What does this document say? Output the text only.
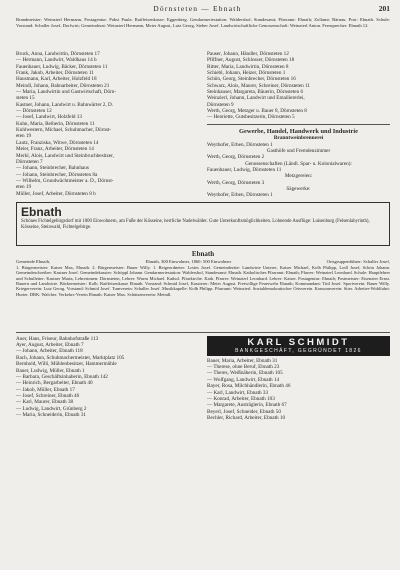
Dörnsteten — Ebnath	201
Brandmeister: Weinzierl Hermann, Postagentur: Pabst Paula. Raiffeisenkasse: Eggenberg. Gendarmeriestation: Waldershof; Standesamt; Pfarramt: Ebnath; Zollamt: Bärnau. Post: Ebnath. Schule: Vorstand: Schaller Josef, Dorfwirt; Gemeinderat: Weinzierl Hermann, Meier August, Lutz Georg, Sieber Josef. Landwirtschaftliche Genossenschaft: Weinzierl Anton. Fernsprecher: Ebnath 12.
Bruck, Anna, Landwirtin, Dörnsteten 17
— Hermann, Landwirt, Waldhaus 14 b
Fauenbauer, Ludwig, Bäcker, Dörnsteten 11
Frank, Jakob, Arbeiter, Dörnsteten 11
Hausmann, Karl, Arbeiter, Holzfeld 18
Meindl, Johann, Bahnarbeiter, Dörnsteten 21
— Maria, Landwirtin und Gastwirtschaft, Dörn-
steten 15
Kastner, Johann, Landwirt u. Bahnwärter 2, D.
— Dörnsteten 12
— Josef, Landwirt, Holzfeld 13
Kuhn, Maria, Reiherin, Dörnsteten 11
Kuhlwestern, Michael, Schuhmacher, Dörnst-
eten 19
Lautz, Franziska, Witwe, Dörnsteten 14
Meier, Franz, Arbeiter, Dörnsteten 14
Merkl, Alois, Landwirt und Steinbruchbesitzer,
Dörnsteten 7
— Johann, Steinbrecher, Bahnhaus
— Johann, Steinbrecher, Dörnsteten 8a
— Wilhelm, Grundwächtmeister a. D., Dörnst-
eten 19
Müller, Josef, Arbeiter, Dörnsteten 8 b
Pauser, Johann, Händler, Dörnsteten 12
Pfiffner, August, Schlosser, Dörnsteten 18
Ritter, Maria, Landwirtin, Dörnsteten 8
Schiebl, Johann, Heizer, Dörnsteten 1
Schön, Georg, Steinbrecher, Dörnsteten 16
Schwarz, Alois, Maurer, Schreiner, Dörnsteten 11
Steinhauser, Margareta, Bäuerin, Dörnsteten 6
Weinzierl, Johann, Landwirt und Emailiererlei,
Dörnsteten 9
Werth, Georg, Metzger u. Bauer 8, Dörnsteten 8
— Henriette, Gutsbesitzerin, Dörnsteten 5
Gewerbe, Handel, Handwerk und Industrie
Branntweinbrennerei
Weythofer, Erben, Dörnsteten 1
Gasthöfe und Fremdenzimmer
Werth, Georg, Dörnsteten 2
Genossenschaften (Ländl. Spar- u. Kolonialwaren):
Fauenbauer, Ludwig, Dörnsteten 11
Metzgereien:
Werth, Georg, Dörnsteten 3
Sägewerke:
Weythofer, Erben, Dörnsteten 1
Ebnath
Schönes Fichtelgebirgsdorf mit 1000 Einwohnern, am Fuße der Kösseine, herrliche Nadelwälder. Gute Unterkunftsmöglichkeiten. Lohnende Ausflüge: Luisenburg (Felsenlabyrinth), Kösseine, Steinwald, Fichtelgebirge.
Ebnath
Gemeinde Ebnath,	Ebnath, 300 Einwohner, 1860: 500 Einwohner	Ortsgruppenführer: Schaller Josef,
1. Bürgermeister: Kaiser Max, Ebnath. 2. Bürgermeister: Bauer Willy. 1. Beigeordneter: Lottes Josef. Gemeinderäte: Landwirte Unterer, Kaiser Michael, Kolb Philipp, Lodl Josef, Schön Johann. Gemeindeschreiber: Kastner Josef. Gemeindekassier: Schöppl Johann. Gendarmeriestation: Waldershof, Standesamt: Ebnath. Katholisches Pfarramt: Ebnath; Pfarrer: Weinzierl Leonhard. Schule: Hauptlehrer und Schulleiter: Kastner Maria, Lehrerinnen: Dörnsteten, Lehrer: Wurm Michael. Kathol. Pfarrkirche. Kath. Pfarrer: Weinzierl Leonhard. Lehrer: Kaiser. Postagentur: Ebnath; Postmeister: Eisenzier Ernst. Bauern und Landwirte. Bäckermeister: Kolb. Raiffeisenkasse Ebnath. Vorstand: Schmid Josef, Kassierer: Meier August. Freiwillige Feuerwehr Ebnath; Kommandant: Tittl Josef. Sportverein: Bauer Willy. Kriegerverein: Lutz Georg. Vorstand: Schmid Josef. Turnverein: Schaller Josef. Musikkapelle: Kolb Philipp. Pfarramt: Weinzierl. Sozialdemokratischer Ortsverein. Konsumverein: Stier. Arbeiter-Wohlfahrt: Hurter. DRK: Walcher. Verkehrs-Verein Ebnath: Kaiser Max. Schützenverein: Meindl.
Auer, Hans, Friseur, Bahnhofstraße 113
Ayer, August, Arbeiter, Ebnath 7
— Johann, Arbeiter, Ebnath 118
Bach, Johann, Schuhmachermeister, Marktplatz 105
Bernhold, Willi, Mühlenbesitzer, Hammermühle
Bauer, Ludwig, Müller, Ebnath 1
— Barbara, Geschäftsinhaberin, Ebnath 142
— Heinrich, Bergarbeiter, Ebnath 40
— Jakob, Müller, Ebnath 17
— Josef, Schreiner, Ebnath 46
— Karl, Maurer, Ebnath 38
— Ludwig, Landwirt, Grünberg 2
— Maria, Schneiderin, Ebnath 31
KARL SCHMIDT
BANKGESCHÄFT, GEGRÜNDET 1826
Bauer, Maria, Arbeiter, Ebnath 31
— Therese, ohne Beruf, Ebnath 23
— Theres, Weißnäherin, Ebnath 105
— Wolfgang, Landwirt, Ebnath 14
Bayer, Rosa, Milchhändlerin, Ebnath 46
— Karl, Landwirt, Ebnath 33
— Konrad, Arbeiter, Ebnath 103
— Margarete, Austräglerin, Ebnath 67
Beyerl, Josef, Schneider, Ebnath 50
Bechler, Richard, Arbeiter, Ebnath 10
